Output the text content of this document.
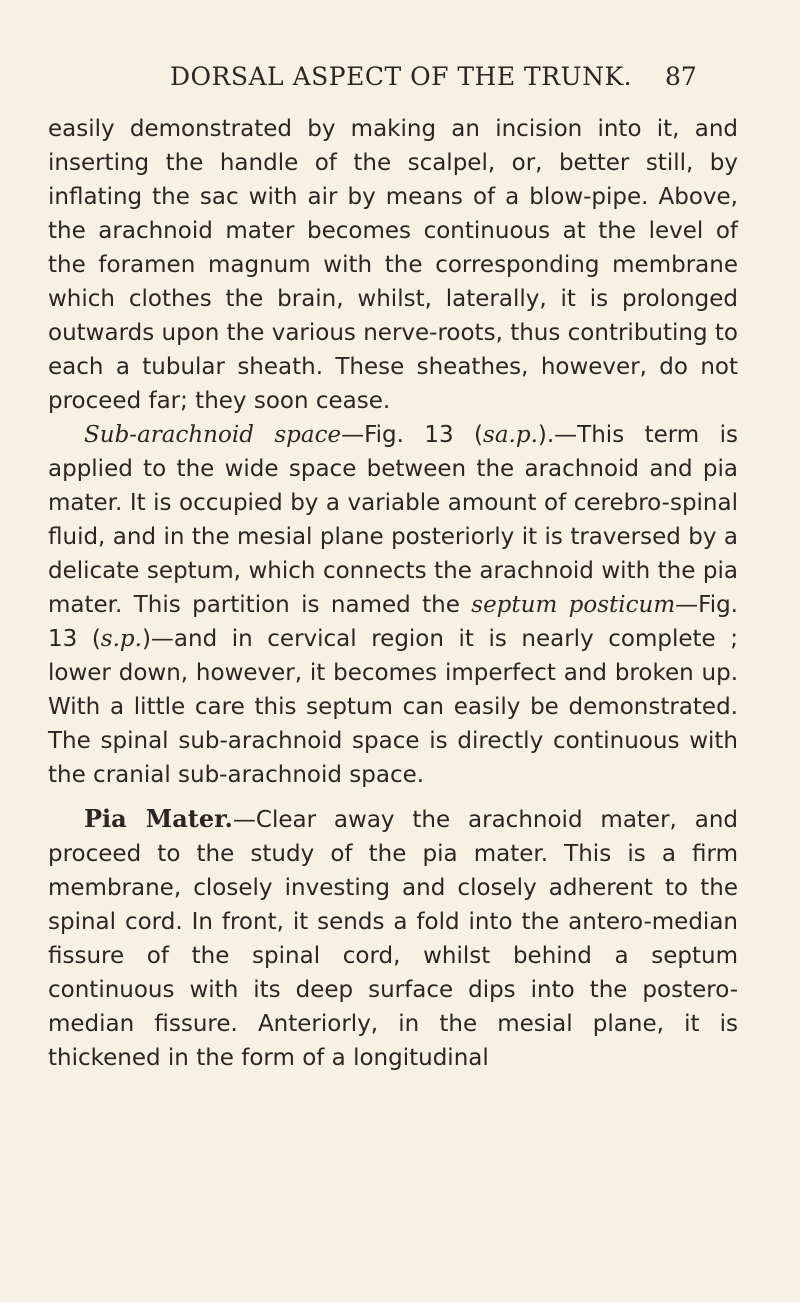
DORSAL ASPECT OF THE TRUNK. 87

easily demonstrated by making an incision into it, and inserting the handle of the scalpel, or, better still, by inflating the sac with air by means of a blow-pipe. Above, the arachnoid mater becomes continuous at the level of the foramen magnum with the corresponding membrane which clothes the brain, whilst, laterally, it is prolonged outwards upon the various nerve-roots, thus contributing to each a tubular sheath. These sheathes, however, do not proceed far; they soon cease.

Sub-arachnoid space—Fig. 13 (sa.p.).—This term is applied to the wide space between the arachnoid and pia mater. It is occupied by a variable amount of cerebro-spinal fluid, and in the mesial plane posteriorly it is traversed by a delicate septum, which connects the arachnoid with the pia mater. This partition is named the septum posticum—Fig. 13 (s.p.)—and in cervical region it is nearly complete ; lower down, however, it becomes imperfect and broken up. With a little care this septum can easily be demonstrated. The spinal sub-arachnoid space is directly continuous with the cranial sub-arachnoid space.

Pia Mater.—Clear away the arachnoid mater, and proceed to the study of the pia mater. This is a firm membrane, closely investing and closely adherent to the spinal cord. In front, it sends a fold into the antero-median fissure of the spinal cord, whilst behind a septum continuous with its deep surface dips into the postero-median fissure. Anteriorly, in the mesial plane, it is thickened in the form of a longitudinal
